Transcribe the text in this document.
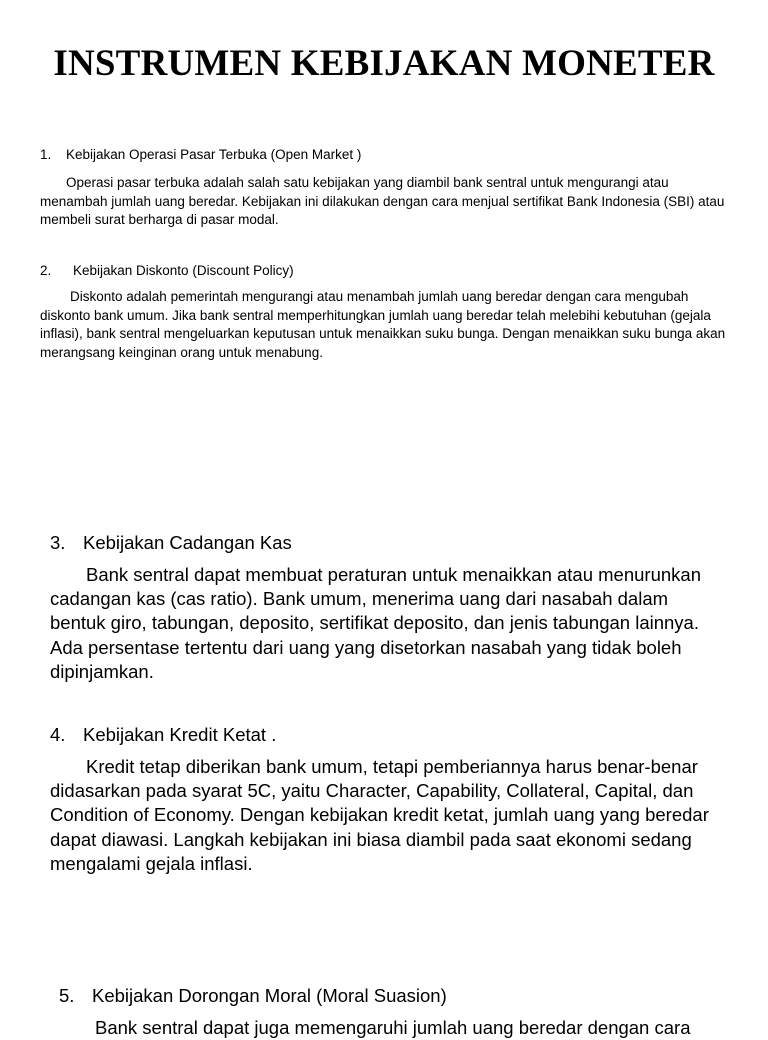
INSTRUMEN KEBIJAKAN MONETER

1. Kebijakan Operasi Pasar Terbuka (Open Market )

Operasi pasar terbuka adalah salah satu kebijakan yang diambil bank sentral untuk mengurangi atau menambah jumlah uang beredar. Kebijakan ini dilakukan dengan cara menjual sertifikat Bank Indonesia (SBI) atau membeli surat berharga di pasar modal.

2. Kebijakan Diskonto (Discount Policy)

Diskonto adalah pemerintah mengurangi atau menambah jumlah uang beredar dengan cara mengubah diskonto bank umum. Jika bank sentral memperhitungkan jumlah uang beredar telah melebihi kebutuhan (gejala inflasi), bank sentral mengeluarkan keputusan untuk menaikkan suku bunga. Dengan menaikkan suku bunga akan merangsang keinginan orang untuk menabung.

3. Kebijakan Cadangan Kas

Bank sentral dapat membuat peraturan untuk menaikkan atau menurunkan cadangan kas (cas ratio). Bank umum, menerima uang dari nasabah dalam bentuk giro, tabungan, deposito, sertifikat deposito, dan jenis tabungan lainnya. Ada persentase tertentu dari uang yang disetorkan nasabah yang tidak boleh dipinjamkan.

4. Kebijakan Kredit Ketat .

Kredit tetap diberikan bank umum, tetapi pemberiannya harus benar-benar didasarkan pada syarat 5C, yaitu Character, Capability, Collateral, Capital, dan Condition of Economy. Dengan kebijakan kredit ketat, jumlah uang yang beredar dapat diawasi. Langkah kebijakan ini biasa diambil pada saat ekonomi sedang mengalami gejala inflasi.

5. Kebijakan Dorongan Moral (Moral Suasion)

Bank sentral dapat juga memengaruhi jumlah uang beredar dengan cara
